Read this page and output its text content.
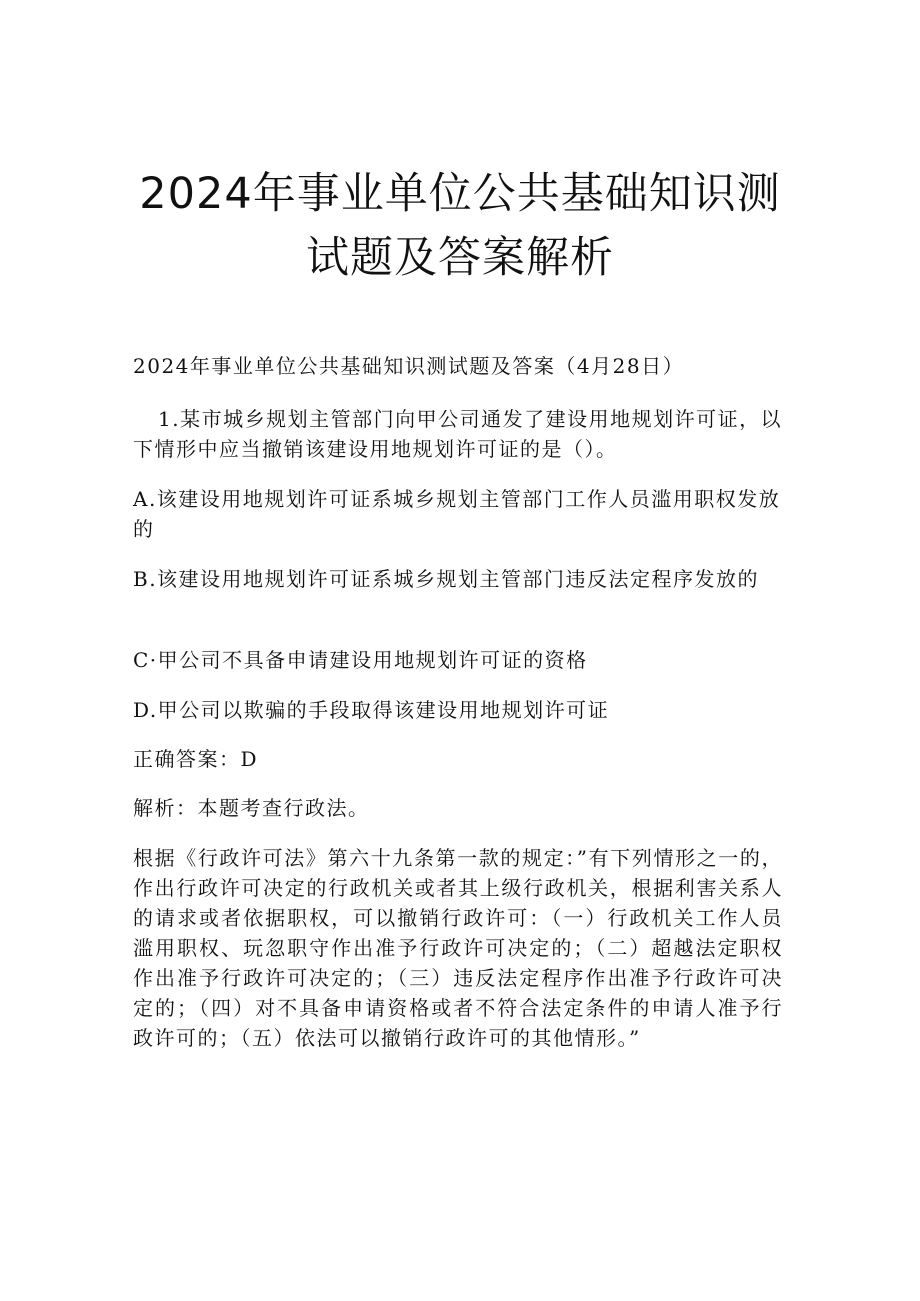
2024年事业单位公共基础知识测
试题及答案解析

2024年事业单位公共基础知识测试题及答案（4月28日）

1.某市城乡规划主管部门向甲公司通发了建设用地规划许可证，以下情形中应当撤销该建设用地规划许可证的是（）。

A.该建设用地规划许可证系城乡规划主管部门工作人员滥用职权发放的

B.该建设用地规划许可证系城乡规划主管部门违反法定程序发放的

C·甲公司不具备申请建设用地规划许可证的资格

D.甲公司以欺骗的手段取得该建设用地规划许可证

正确答案：D

解析：本题考查行政法。

根据《行政许可法》第六十九条第一款的规定：”有下列情形之一的，作出行政许可决定的行政机关或者其上级行政机关，根据利害关系人的请求或者依据职权，可以撤销行政许可：（一）行政机关工作人员滥用职权、玩忽职守作出准予行政许可决定的；（二）超越法定职权作出准予行政许可决定的；（三）违反法定程序作出准予行政许可决定的；（四）对不具备申请资格或者不符合法定条件的申请人准予行政许可的；（五）依法可以撤销行政许可的其他情形。”
